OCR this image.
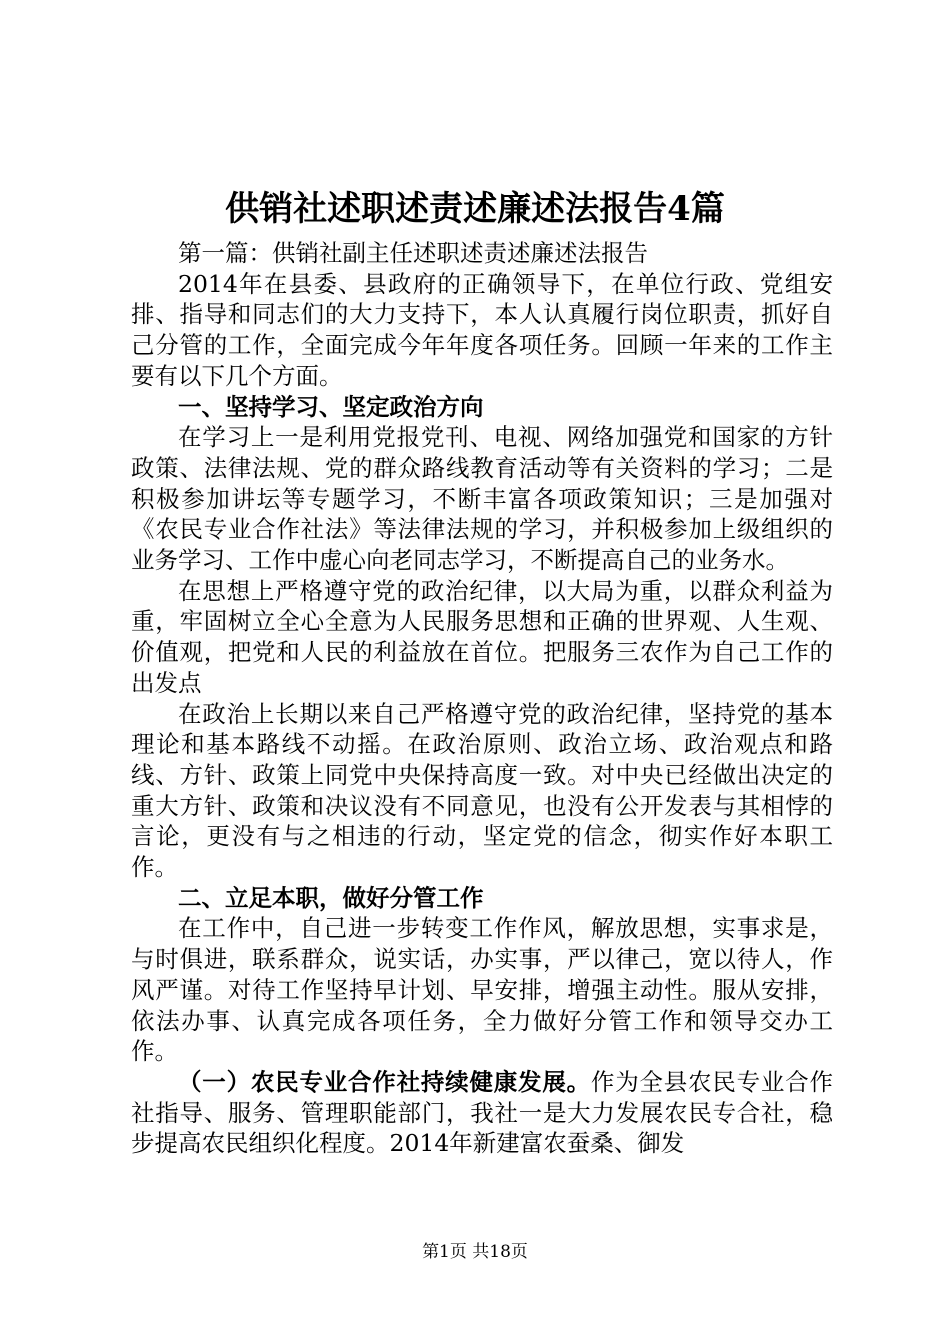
供销社述职述责述廉述法报告4篇

第一篇：供销社副主任述职述责述廉述法报告

2014年在县委、县政府的正确领导下，在单位行政、党组安排、指导和同志们的大力支持下，本人认真履行岗位职责，抓好自己分管的工作，全面完成今年年度各项任务。回顾一年来的工作主要有以下几个方面。

一、坚持学习、坚定政治方向

在学习上一是利用党报党刊、电视、网络加强党和国家的方针政策、法律法规、党的群众路线教育活动等有关资料的学习；二是积极参加讲坛等专题学习，不断丰富各项政策知识；三是加强对《农民专业合作社法》等法律法规的学习，并积极参加上级组织的业务学习、工作中虚心向老同志学习，不断提高自己的业务水。

在思想上严格遵守党的政治纪律，以大局为重，以群众利益为重，牢固树立全心全意为人民服务思想和正确的世界观、人生观、价值观，把党和人民的利益放在首位。把服务三农作为自己工作的出发点

在政治上长期以来自己严格遵守党的政治纪律，坚持党的基本理论和基本路线不动摇。在政治原则、政治立场、政治观点和路线、方针、政策上同党中央保持高度一致。对中央已经做出决定的重大方针、政策和决议没有不同意见，也没有公开发表与其相悖的言论，更没有与之相违的行动，坚定党的信念，彻实作好本职工作。

二、立足本职，做好分管工作

在工作中，自己进一步转变工作作风，解放思想，实事求是，与时俱进，联系群众，说实话，办实事，严以律己，宽以待人，作风严谨。对待工作坚持早计划、早安排，增强主动性。服从安排，依法办事、认真完成各项任务，全力做好分管工作和领导交办工作。

（一）农民专业合作社持续健康发展。作为全县农民专业合作社指导、服务、管理职能部门，我社一是大力发展农民专合社，稳步提高农民组织化程度。2014年新建富农蚕桑、御发

第1页 共18页
